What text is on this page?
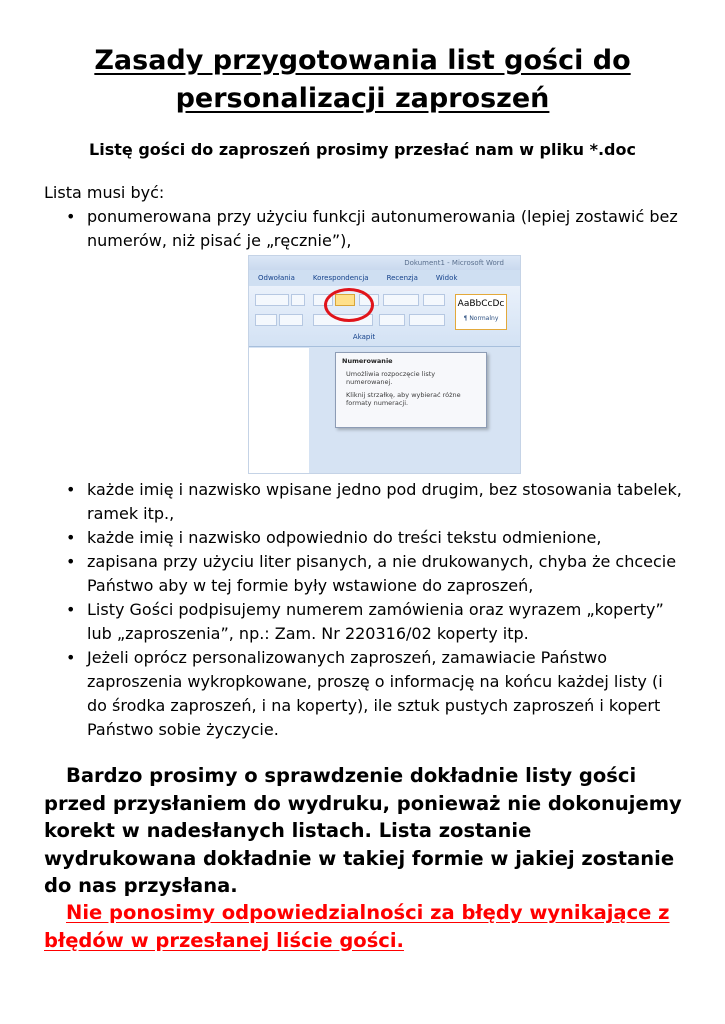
Zasady przygotowania list gości do personalizacji zaproszeń

Listę gości do zaproszeń prosimy przesłać nam w pliku *.doc

Lista musi być:

• ponumerowana przy użyciu funkcji autonumerowania (lepiej zostawić bez numerów, niż pisać je „ręcznie”),
Dokument1 - Microsoft Word
Odwołania	Korespondencja	Recenzja	Widok
Akapit
AaBbCcDc
¶ Normalny
Numerowanie
Umożliwia rozpoczęcie listy numerowanej.
Kliknij strzałkę, aby wybierać różne formaty numeracji.
• każde imię i nazwisko wpisane jedno pod drugim, bez stosowania tabelek, ramek itp.,
• każde imię i nazwisko odpowiednio do treści tekstu odmienione,
• zapisana przy użyciu liter pisanych, a nie drukowanych, chyba że chcecie Państwo aby w tej formie były wstawione do zaproszeń,
• Listy Gości podpisujemy numerem zamówienia oraz wyrazem „koperty” lub „zaproszenia”, np.: Zam. Nr 220316/02 koperty itp.
• Jeżeli oprócz personalizowanych zaproszeń, zamawiacie Państwo zaproszenia wykropkowane, proszę o informację na końcu każdej listy (i do środka zaproszeń, i na koperty), ile sztuk pustych zaproszeń i kopert Państwo sobie życzycie.

Bardzo prosimy o sprawdzenie dokładnie listy gości przed przysłaniem do wydruku, ponieważ nie dokonujemy korekt w nadesłanych listach. Lista zostanie wydrukowana dokładnie w takiej formie w jakiej zostanie do nas przysłana.

Nie ponosimy odpowiedzialności za błędy wynikające z błędów w przesłanej liście gości.
